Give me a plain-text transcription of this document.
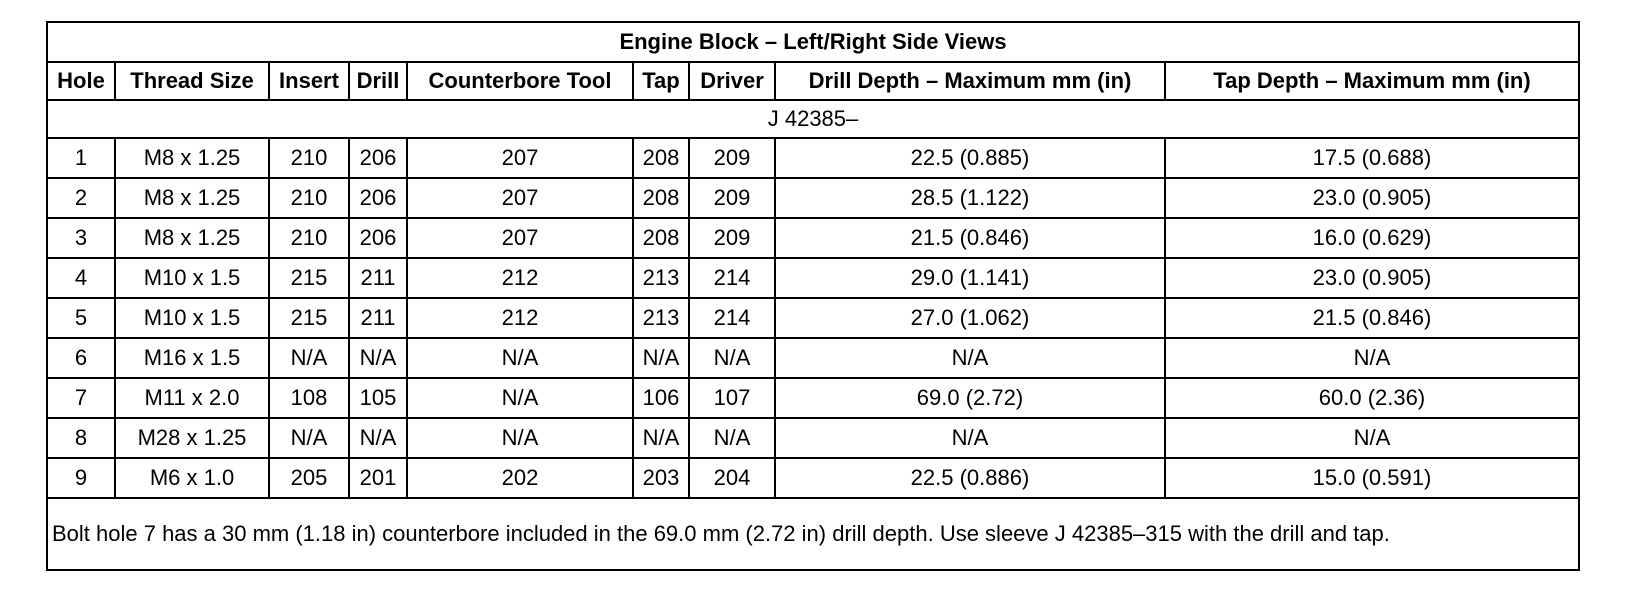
Engine Block – Left/Right Side Views								
Hole	Thread Size	Insert	Drill	Counterbore Tool	Tap	Driver	Drill Depth – Maximum mm (in)	Tap Depth – Maximum mm (in)
J 42385–								
1	M8 x 1.25	210	206	207	208	209	22.5 (0.885)	17.5 (0.688)
2	M8 x 1.25	210	206	207	208	209	28.5 (1.122)	23.0 (0.905)
3	M8 x 1.25	210	206	207	208	209	21.5 (0.846)	16.0 (0.629)
4	M10 x 1.5	215	211	212	213	214	29.0 (1.141)	23.0 (0.905)
5	M10 x 1.5	215	211	212	213	214	27.0 (1.062)	21.5 (0.846)
6	M16 x 1.5	N/A	N/A	N/A	N/A	N/A	N/A	N/A
7	M11 x 2.0	108	105	N/A	106	107	69.0 (2.72)	60.0 (2.36)
8	M28 x 1.25	N/A	N/A	N/A	N/A	N/A	N/A	N/A
9	M6 x 1.0	205	201	202	203	204	22.5 (0.886)	15.0 (0.591)
Bolt hole 7 has a 30 mm (1.18 in) counterbore included in the 69.0 mm (2.72 in) drill depth. Use sleeve J 42385–315 with the drill and tap.								
